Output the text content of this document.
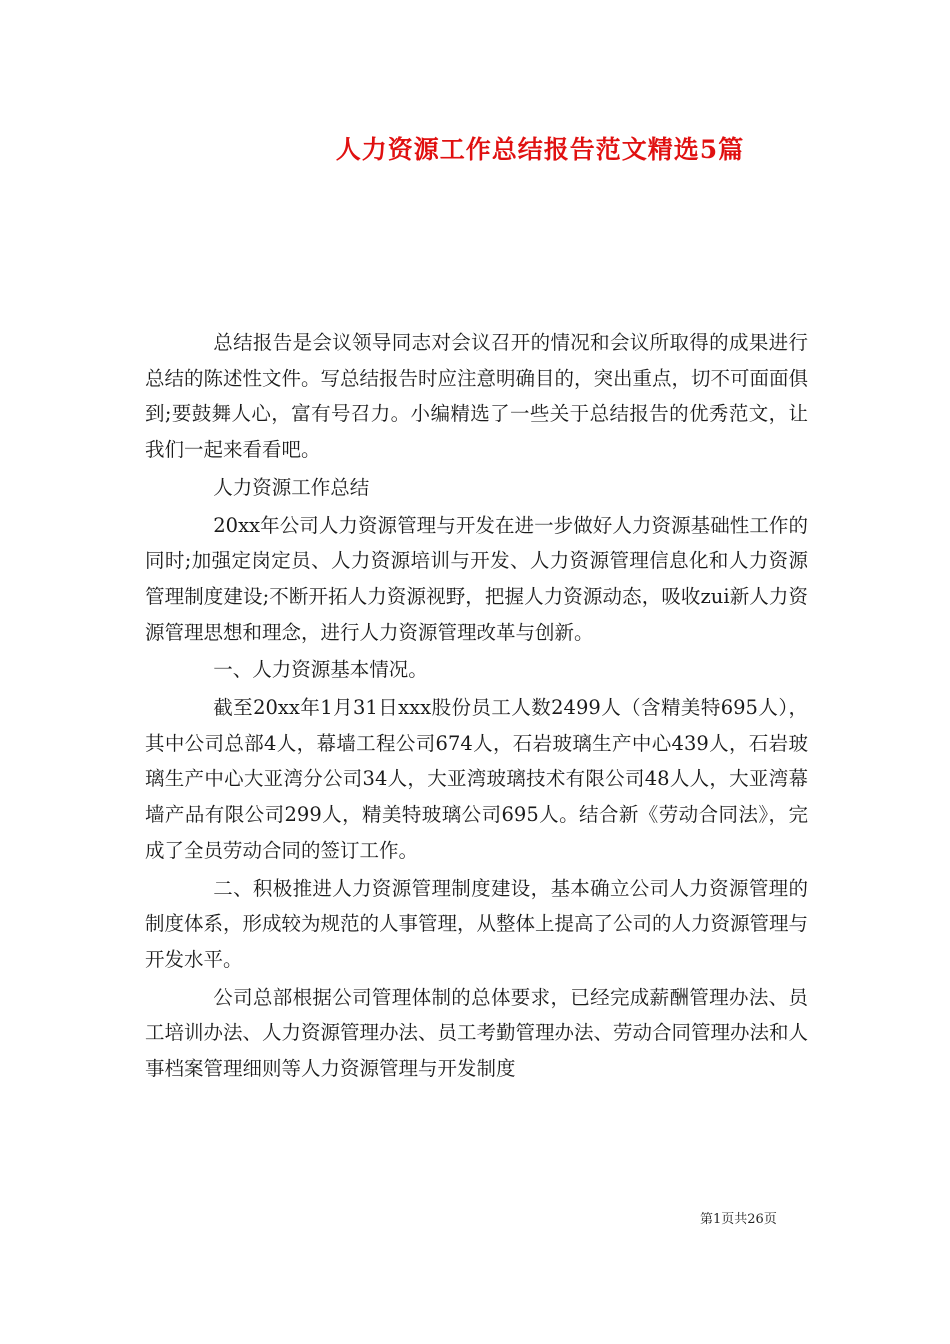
人力资源工作总结报告范文精选5篇

总结报告是会议领导同志对会议召开的情况和会议所取得的成果进行总结的陈述性文件。写总结报告时应注意明确目的，突出重点，切不可面面俱到;要鼓舞人心，富有号召力。小编精选了一些关于总结报告的优秀范文，让我们一起来看看吧。

人力资源工作总结

20xx年公司人力资源管理与开发在进一步做好人力资源基础性工作的同时;加强定岗定员、人力资源培训与开发、人力资源管理信息化和人力资源管理制度建设;不断开拓人力资源视野，把握人力资源动态，吸收zui新人力资源管理思想和理念，进行人力资源管理改革与创新。

一、人力资源基本情况。

截至20xx年1月31日xxx股份员工人数2499人（含精美特695人），其中公司总部4人，幕墙工程公司674人，石岩玻璃生产中心439人，石岩玻璃生产中心大亚湾分公司34人，大亚湾玻璃技术有限公司48人人，大亚湾幕墙产品有限公司299人，精美特玻璃公司695人。结合新《劳动合同法》，完成了全员劳动合同的签订工作。

二、积极推进人力资源管理制度建设，基本确立公司人力资源管理的制度体系，形成较为规范的人事管理，从整体上提高了公司的人力资源管理与开发水平。

公司总部根据公司管理体制的总体要求，已经完成薪酬管理办法、员工培训办法、人力资源管理办法、员工考勤管理办法、劳动合同管理办法和人事档案管理细则等人力资源管理与开发制度

第1页共26页
